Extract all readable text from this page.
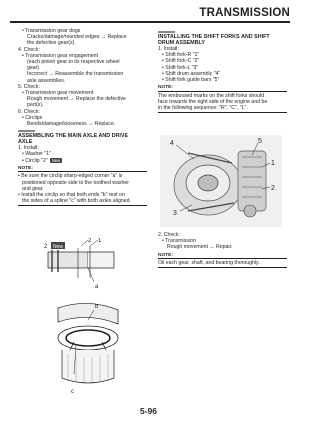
TRANSMISSION
• Transmission gear dogs
Cracks/damage/rounded edges → Replace
the defective gear(s).
4. Check:
• Transmission gear engagement
(each pinion gear to its respective wheel
gear)
Incorrect → Reassemble the transmission
axle assemblies.
5. Check:
• Transmission gear movement
Rough movement → Replace the defective
part(s).
6. Check:
• Circlips
Bends/damage/looseness → Replace.
ASSEMBLING THE MAIN AXLE AND DRIVE
AXLE
1. Install:
• Washer "1"
• Circlip "2" New
NOTE:
• Be sure the circlip sharp-edged corner "a" is
positioned opposite side to the toothed washer
and gear.
• Install the circlip so that both ends "b" rest on
the sides of a spline "c" with both axles aligned.
2 New
1
2
a
b
c
INSTALLING THE SHIFT FORKS AND SHIFT
DRUM ASSEMBLY
1. Install:
• Shift fork-R "1"
• Shift fork-C "2"
• Shift fork-L "3"
• Shift drum assembly "4"
• Shift fork guide bars "5"
NOTE:
The embossed marks on the shift forks should
face towards the right side of the engine and be
in the following sequence: "R", "C", "L".
4	5
1
2
3
2. Check:
• Transmission
Rough movement → Repair.
NOTE:
Oil each gear, shaft, and bearing thoroughly.
5-96
